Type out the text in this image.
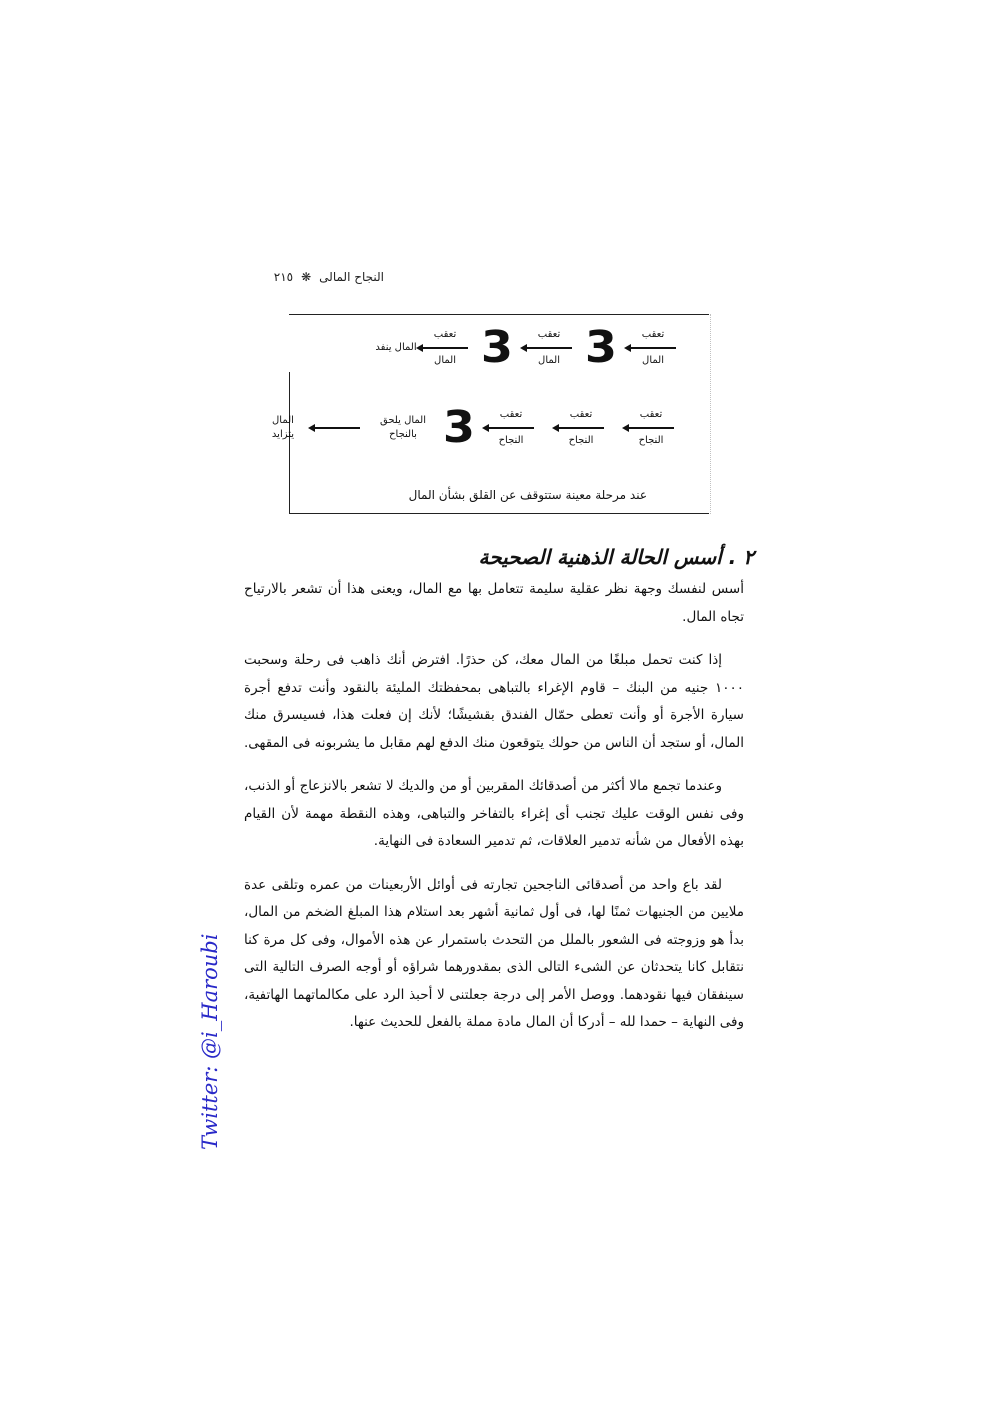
النجاح المالى
❋
٢١٥
تعقب
المال
3
تعقب
المال
3
تعقب
المال
المال ينفد
تعقب
النجاح
تعقب
النجاح
تعقب
النجاح
3
المال يلحق بالنجاح

المال يتزايد
عند مرحلة معينة ستتوقف عن القلق بشأن المال
٢ . أسس الحالة الذهنية الصحيحة

أسس لنفسك وجهة نظر عقلية سليمة تتعامل بها مع المال، ويعنى هذا أن تشعر بالارتياح تجاه المال.

إذا كنت تحمل مبلغًا من المال معك، كن حذرًا. افترض أنك ذاهب فى رحلة وسحبت ١٠٠٠ جنيه من البنك – قاوم الإغراء بالتباهى بمحفظتك المليئة بالنقود وأنت تدفع أجرة سيارة الأجرة أو وأنت تعطى حمّال الفندق بقشيشًا؛ لأنك إن فعلت هذا، فسيسرق منك المال، أو ستجد أن الناس من حولك يتوقعون منك الدفع لهم مقابل ما يشربونه فى المقهى.

وعندما تجمع مالا أكثر من أصدقائك المقربين أو من والديك لا تشعر بالانزعاج أو الذنب، وفى نفس الوقت عليك تجنب أى إغراء بالتفاخر والتباهى، وهذه النقطة مهمة لأن القيام بهذه الأفعال من شأنه تدمير العلاقات، ثم تدمير السعادة فى النهاية.

لقد باع واحد من أصدقائى الناجحين تجارته فى أوائل الأربعينات من عمره وتلقى عدة ملايين من الجنيهات ثمنًا لها، فى أول ثمانية أشهر بعد استلام هذا المبلغ الضخم من المال، بدأ هو وزوجته فى الشعور بالملل من التحدث باستمرار عن هذه الأموال، وفى كل مرة كنا نتقابل كانا يتحدثان عن الشىء التالى الذى بمقدورهما شراؤه أو أوجه الصرف التالية التى سينفقان فيها نقودهما. ووصل الأمر إلى درجة جعلتنى لا أحبذ الرد على مكالماتهما الهاتفية، وفى النهاية – حمدا لله – أدركا أن المال مادة مملة بالفعل للحديث عنها.

Twitter: @i_Haroubi
